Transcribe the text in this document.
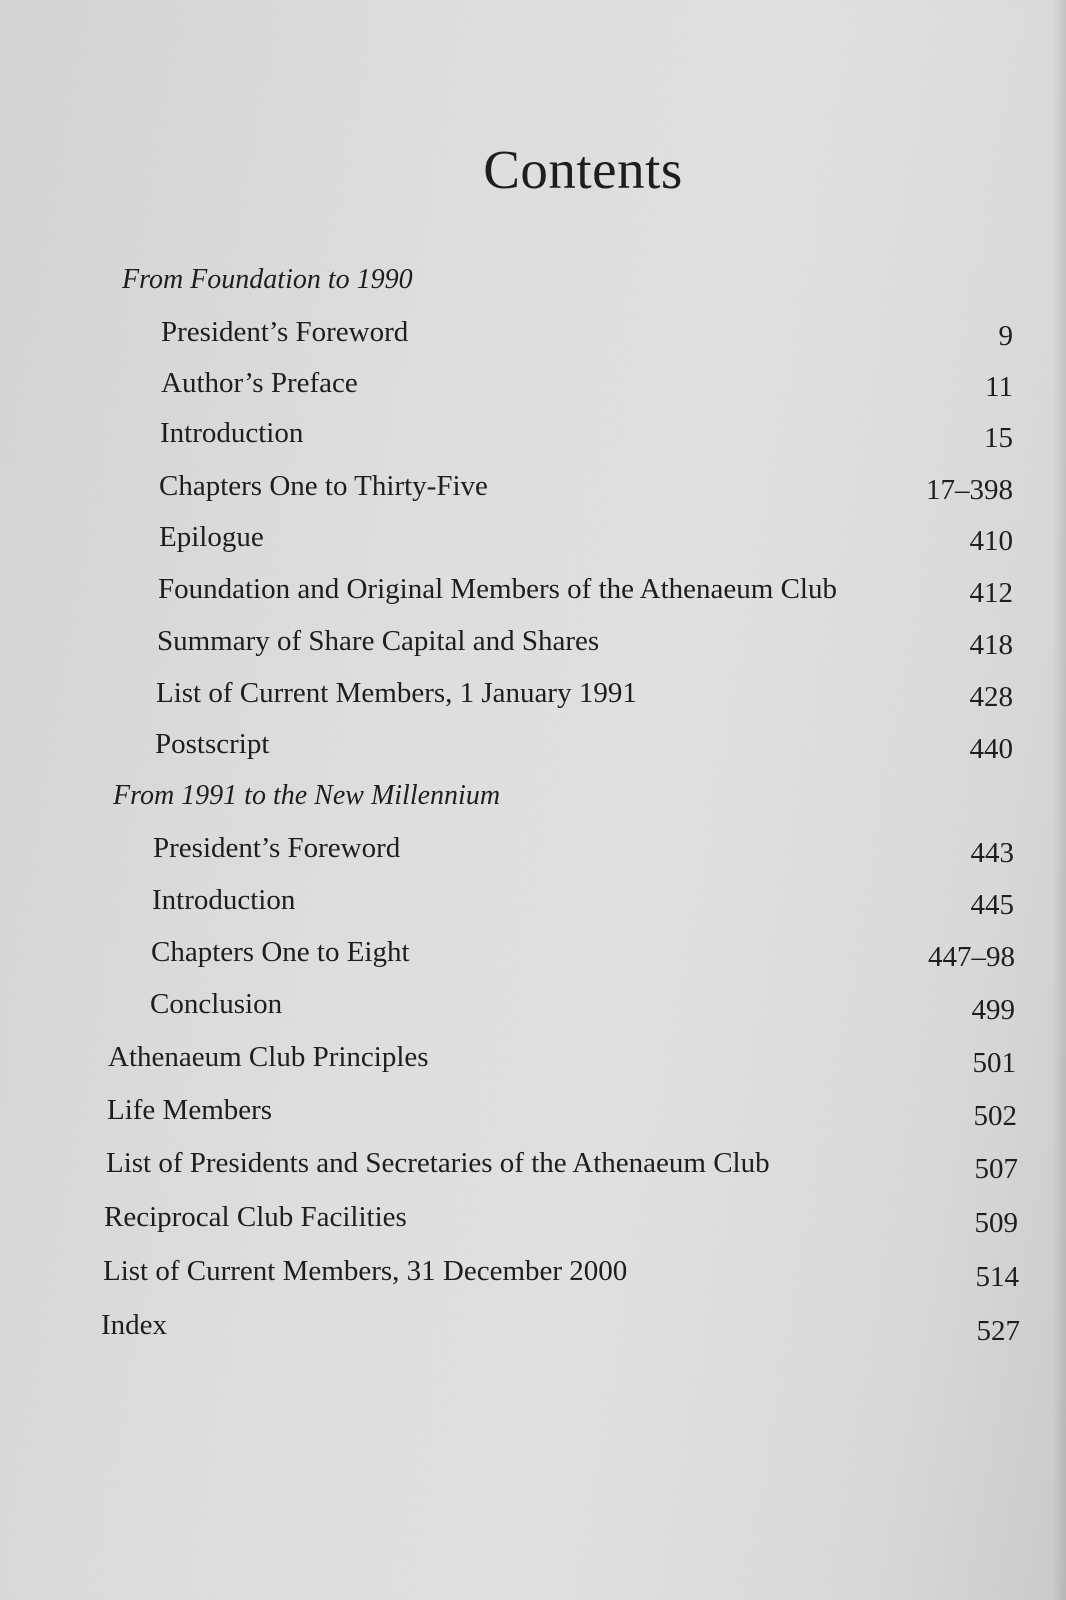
Contents
From Foundation to 1990
President’s Foreword	9
Author’s Preface	11
Introduction	15
Chapters One to Thirty-Five	17–398
Epilogue	410
Foundation and Original Members of the Athenaeum Club	412
Summary of Share Capital and Shares	418
List of Current Members, 1 January 1991	428
Postscript	440
From 1991 to the New Millennium
President’s Foreword	443
Introduction	445
Chapters One to Eight	447–98
Conclusion	499
Athenaeum Club Principles	501
Life Members	502
List of Presidents and Secretaries of the Athenaeum Club	507
Reciprocal Club Facilities	509
List of Current Members, 31 December 2000	514
Index	527
